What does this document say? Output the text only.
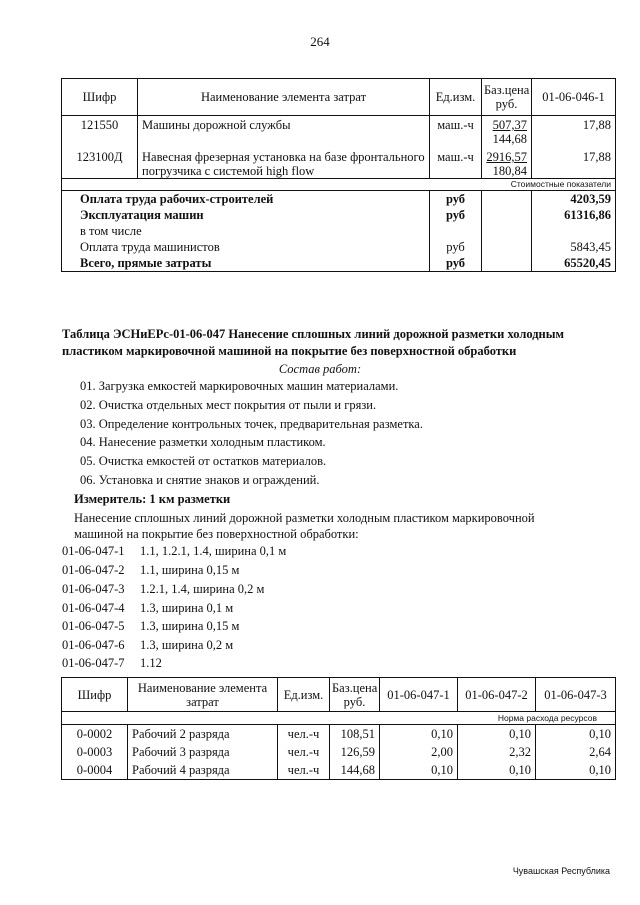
264
Шифр	Наименование элемента затрат	Ед.изм.	Баз.цена руб.	01-06-046-1
121550	Машины дорожной службы	маш.-ч	507,37	17,88
			144,68	
123100Д	Навесная фрезерная установка на базе фронтального погрузчика с системой high flow	маш.-ч	2916,57	17,88
			180,84	
Стоимостные показатели				
Оплата труда рабочих-строителей		руб		4203,59
Эксплуатация машин		руб		61316,86
в том числе				
Оплата труда машинистов		руб		5843,45
Всего, прямые затраты		руб		65520,45
Таблица ЭСНиЕРс-01-06-047 Нанесение сплошных линий дорожной разметки холодным пластиком маркировочной машиной на покрытие без поверхностной обработки
Состав работ:
01. Загрузка емкостей маркировочных машин материалами.
02. Очистка отдельных мест покрытия от пыли и грязи.
03. Определение контрольных точек, предварительная разметка.
04. Нанесение разметки холодным пластиком.
05. Очистка емкостей от остатков материалов.
06. Установка и снятие знаков и ограждений.
Измеритель: 1 км разметки
Нанесение сплошных линий дорожной разметки холодным пластиком маркировочной машиной на покрытие без поверхностной обработки:
01-06-047-1 1.1, 1.2.1, 1.4, ширина 0,1 м
01-06-047-2 1.1, ширина 0,15 м
01-06-047-3 1.2.1, 1.4, ширина 0,2 м
01-06-047-4 1.3, ширина 0,1 м
01-06-047-5 1.3, ширина 0,15 м
01-06-047-6 1.3, ширина 0,2 м
01-06-047-7 1.12
Шифр	Наименование элемента затрат	Ед.изм.	Баз.цена руб.	01-06-047-1	01-06-047-2	01-06-047-3
Норма расхода ресурсов						
0-0002	Рабочий 2 разряда	чел.-ч	108,51	0,10	0,10	0,10
0-0003	Рабочий 3 разряда	чел.-ч	126,59	2,00	2,32	2,64
0-0004	Рабочий 4 разряда	чел.-ч	144,68	0,10	0,10	0,10
Чувашская Республика
